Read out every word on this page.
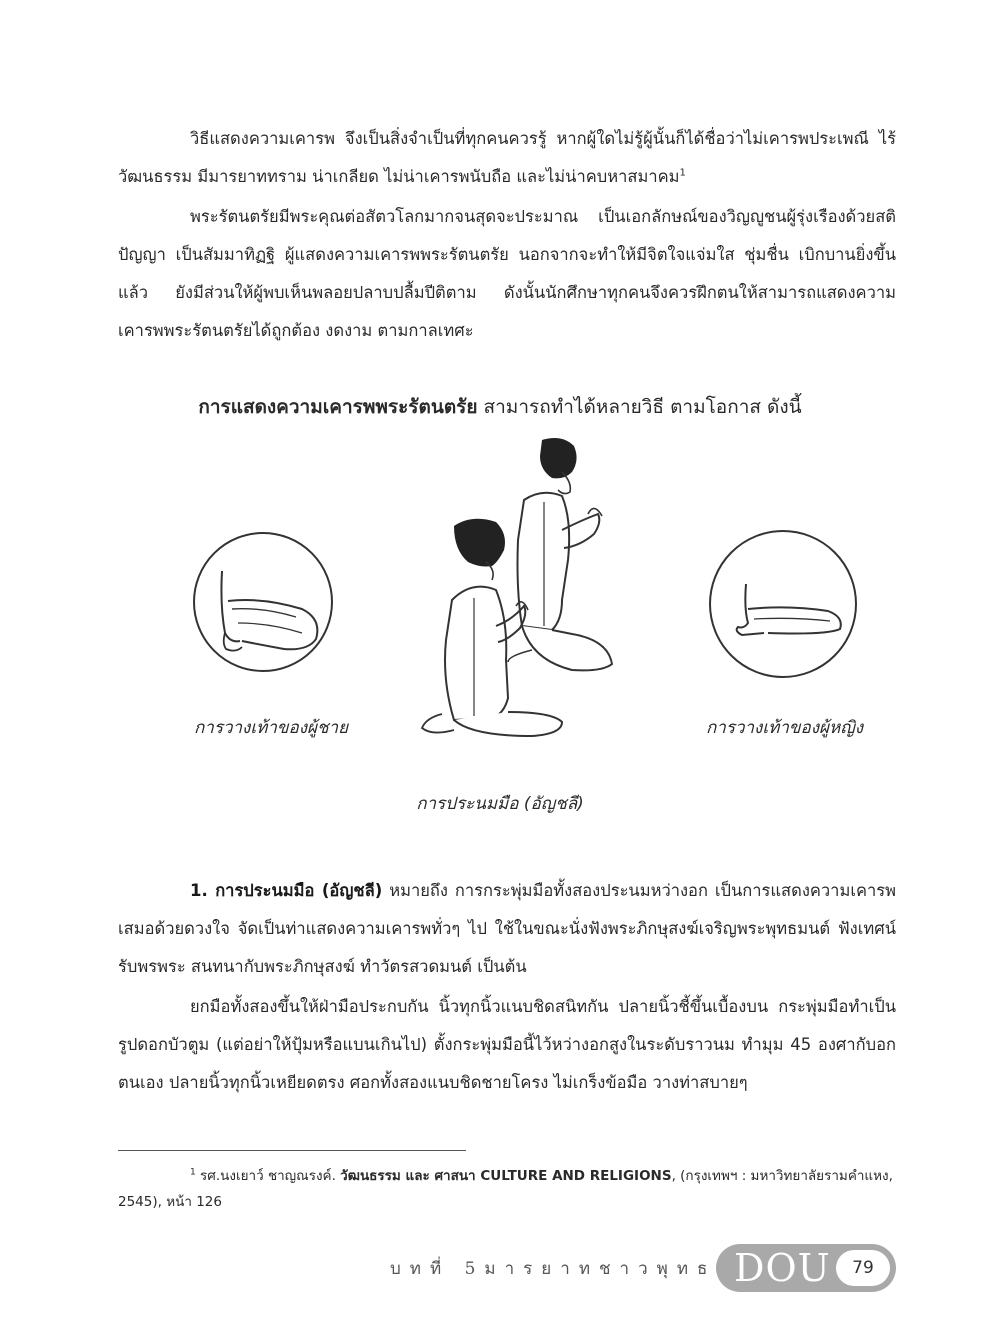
วิธีแสดงความเคารพ จึงเป็นสิ่งจำเป็นที่ทุกคนควรรู้ หากผู้ใดไม่รู้ผู้นั้นก็ได้ชื่อว่าไม่เคารพประเพณี ไร้วัฒนธรรม มีมารยาททราม น่าเกลียด ไม่น่าเคารพนับถือ และไม่น่าคบหาสมาคม$^1$

พระรัตนตรัยมีพระคุณต่อสัตวโลกมากจนสุดจะประมาณ เป็นเอกลักษณ์ของวิญญูชนผู้รุ่งเรืองด้วยสติปัญญา เป็นสัมมาทิฏฐิ ผู้แสดงความเคารพพระรัตนตรัย นอกจากจะทำให้มีจิตใจแจ่มใส ชุ่มชื่น เบิกบานยิ่งขึ้นแล้ว ยังมีส่วนให้ผู้พบเห็นพลอยปลาบปลื้มปีติตาม ดังนั้นนักศึกษาทุกคนจึงควรฝึกตนให้สามารถแสดงความเคารพพระรัตนตรัยได้ถูกต้อง งดงาม ตามกาลเทศะ

การแสดงความเคารพพระรัตนตรัย สามารถทำได้หลายวิธี ตามโอกาส ดังนี้

การวางเท้าของผู้ชาย	การวางเท้าของผู้หญิง
การประนมมือ (อัญชลี)

1. การประนมมือ (อัญชลี) หมายถึง การกระพุ่มมือทั้งสองประนมหว่างอก เป็นการแสดงความเคารพเสมอด้วยดวงใจ จัดเป็นท่าแสดงความเคารพทั่วๆ ไป ใช้ในขณะนั่งฟังพระภิกษุสงฆ์เจริญพระพุทธมนต์ ฟังเทศน์ รับพรพระ สนทนากับพระภิกษุสงฆ์ ทำวัตรสวดมนต์ เป็นต้น

ยกมือทั้งสองขึ้นให้ฝ่ามือประกบกัน นิ้วทุกนิ้วแนบชิดสนิทกัน ปลายนิ้วชี้ขึ้นเบื้องบน กระพุ่มมือทำเป็นรูปดอกบัวตูม (แต่อย่าให้ปุ้มหรือแบนเกินไป) ตั้งกระพุ่มมือนี้ไว้หว่างอกสูงในระดับราวนม ทำมุม 45 องศากับอกตนเอง ปลายนิ้วทุกนิ้วเหยียดตรง ศอกทั้งสองแนบชิดชายโครง ไม่เกร็งข้อมือ วางท่าสบายๆ

$^1$ รศ.นงเยาว์ ชาญณรงค์. วัฒนธรรม และ ศาสนา CULTURE AND RELIGIONS, (กรุงเทพฯ : มหาวิทยาลัยรามคำแหง, 2545), หน้า 126

บทที่ 5มารยาทชาวพุทธ DOU	79
